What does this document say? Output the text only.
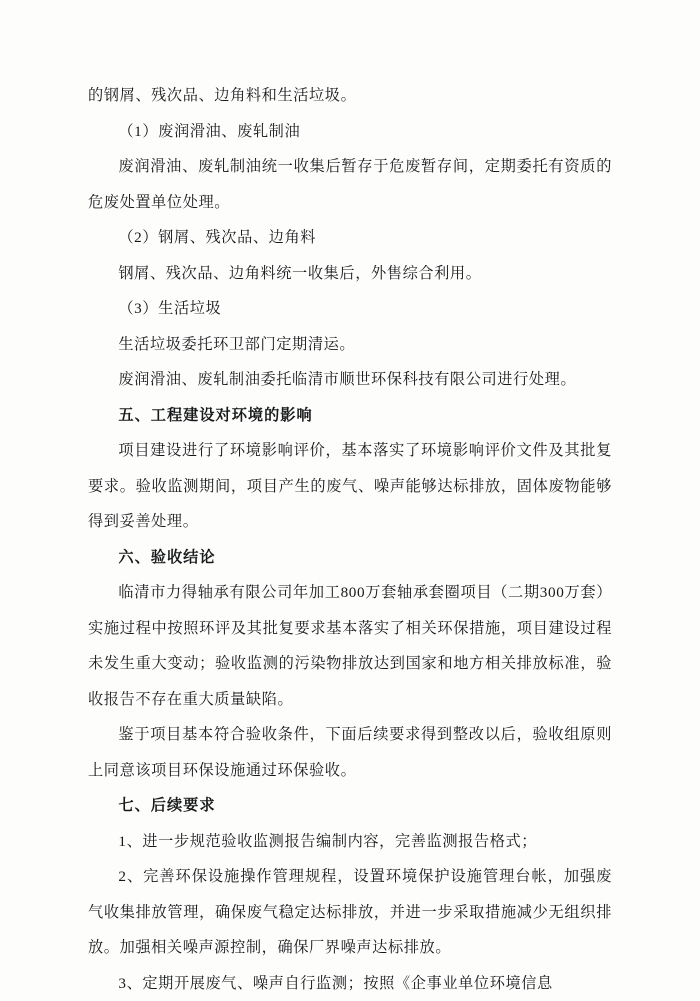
的钢屑、残次品、边角料和生活垃圾。

（1）废润滑油、废轧制油

废润滑油、废轧制油统一收集后暂存于危废暂存间，定期委托有资质的危废处置单位处理。

（2）钢屑、残次品、边角料

钢屑、残次品、边角料统一收集后，外售综合利用。

（3）生活垃圾

生活垃圾委托环卫部门定期清运。

废润滑油、废轧制油委托临清市顺世环保科技有限公司进行处理。

五、工程建设对环境的影响

项目建设进行了环境影响评价，基本落实了环境影响评价文件及其批复要求。验收监测期间，项目产生的废气、噪声能够达标排放，固体废物能够得到妥善处理。

六、验收结论

临清市力得轴承有限公司年加工800万套轴承套圈项目（二期300万套）实施过程中按照环评及其批复要求基本落实了相关环保措施，项目建设过程未发生重大变动；验收监测的污染物排放达到国家和地方相关排放标准，验收报告不存在重大质量缺陷。

鉴于项目基本符合验收条件，下面后续要求得到整改以后，验收组原则上同意该项目环保设施通过环保验收。

七、后续要求

1、进一步规范验收监测报告编制内容，完善监测报告格式；

2、完善环保设施操作管理规程，设置环境保护设施管理台帐，加强废气收集排放管理，确保废气稳定达标排放，并进一步采取措施减少无组织排放。加强相关噪声源控制，确保厂界噪声达标排放。

3、定期开展废气、噪声自行监测；按照《企事业单位环境信息
